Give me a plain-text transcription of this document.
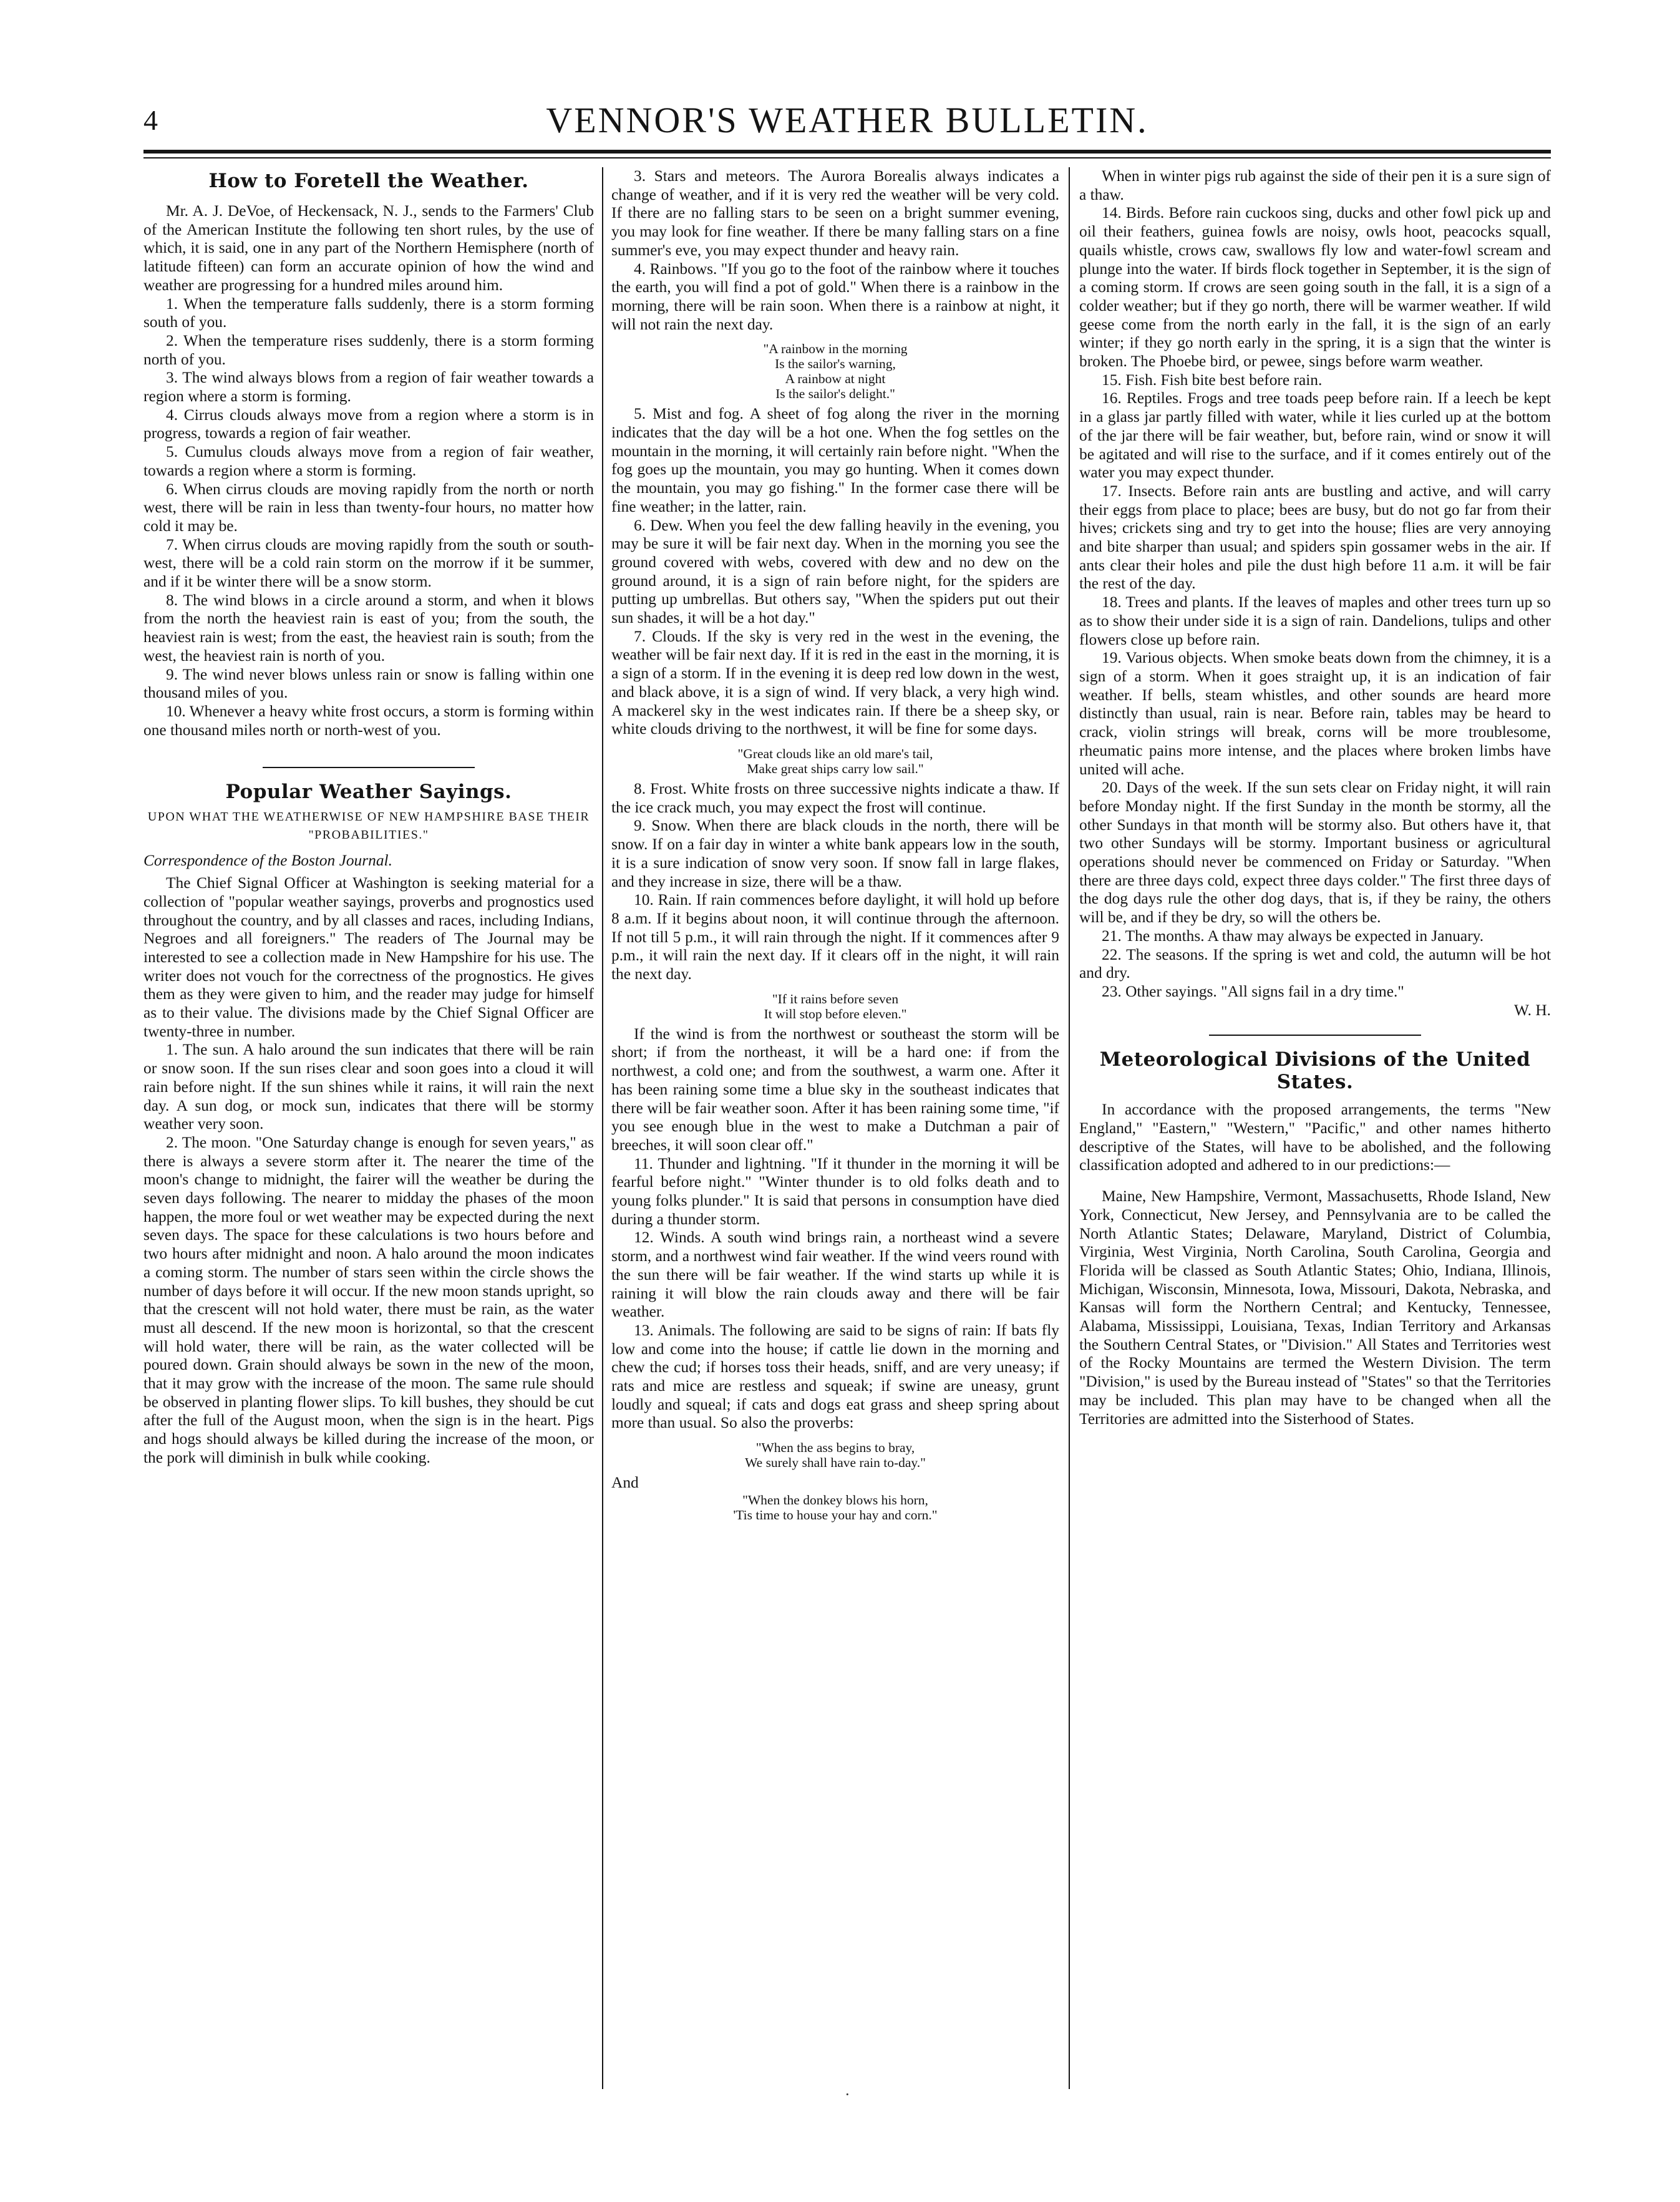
4	VENNOR'S WEATHER BULLETIN.
How to Foretell the Weather.

Mr. A. J. DeVoe, of Heckensack, N. J., sends to the Farmers' Club of the American Institute the following ten short rules, by the use of which, it is said, one in any part of the Northern Hemisphere (north of latitude fifteen) can form an accurate opinion of how the wind and weather are progressing for a hundred miles around him.

1. When the temperature falls suddenly, there is a storm forming south of you.

2. When the temperature rises suddenly, there is a storm forming north of you.

3. The wind always blows from a region of fair weather towards a region where a storm is forming.

4. Cirrus clouds always move from a region where a storm is in progress, towards a region of fair weather.

5. Cumulus clouds always move from a region of fair weather, towards a region where a storm is forming.

6. When cirrus clouds are moving rapidly from the north or north west, there will be rain in less than twenty-four hours, no matter how cold it may be.

7. When cirrus clouds are moving rapidly from the south or south-west, there will be a cold rain storm on the morrow if it be summer, and if it be winter there will be a snow storm.

8. The wind blows in a circle around a storm, and when it blows from the north the heaviest rain is east of you; from the south, the heaviest rain is west; from the east, the heaviest rain is south; from the west, the heaviest rain is north of you.

9. The wind never blows unless rain or snow is falling within one thousand miles of you.

10. Whenever a heavy white frost occurs, a storm is forming within one thousand miles north or north-west of you.

Popular Weather Sayings.
UPON WHAT THE WEATHERWISE OF NEW HAMPSHIRE BASE THEIR "PROBABILITIES."
Correspondence of the Boston Journal.

The Chief Signal Officer at Washington is seeking material for a collection of "popular weather sayings, proverbs and prognostics used throughout the country, and by all classes and races, including Indians, Negroes and all foreigners." The readers of The Journal may be interested to see a collection made in New Hampshire for his use. The writer does not vouch for the correctness of the prognostics. He gives them as they were given to him, and the reader may judge for himself as to their value. The divisions made by the Chief Signal Officer are twenty-three in number.

1. The sun. A halo around the sun indicates that there will be rain or snow soon. If the sun rises clear and soon goes into a cloud it will rain before night. If the sun shines while it rains, it will rain the next day. A sun dog, or mock sun, indicates that there will be stormy weather very soon.

2. The moon. "One Saturday change is enough for seven years," as there is always a severe storm after it. The nearer the time of the moon's change to midnight, the fairer will the weather be during the seven days following. The nearer to midday the phases of the moon happen, the more foul or wet weather may be expected during the next seven days. The space for these calculations is two hours before and two hours after midnight and noon. A halo around the moon indicates a coming storm. The number of stars seen within the circle shows the number of days before it will occur. If the new moon stands upright, so that the crescent will not hold water, there must be rain, as the water must all descend. If the new moon is horizontal, so that the crescent will hold water, there will be rain, as the water collected will be poured down. Grain should always be sown in the new of the moon, that it may grow with the increase of the moon. The same rule should be observed in planting flower slips. To kill bushes, they should be cut after the full of the August moon, when the sign is in the heart. Pigs and hogs should always be killed during the increase of the moon, or the pork will diminish in bulk while cooking.

3. Stars and meteors. The Aurora Borealis always indicates a change of weather, and if it is very red the weather will be very cold. If there are no falling stars to be seen on a bright summer evening, you may look for fine weather. If there be many falling stars on a fine summer's eve, you may expect thunder and heavy rain.

4. Rainbows. "If you go to the foot of the rainbow where it touches the earth, you will find a pot of gold." When there is a rainbow in the morning, there will be rain soon. When there is a rainbow at night, it will not rain the next day.

"A rainbow in the morning
Is the sailor's warning,
A rainbow at night
Is the sailor's delight."

5. Mist and fog. A sheet of fog along the river in the morning indicates that the day will be a hot one. When the fog settles on the mountain in the morning, it will certainly rain before night. "When the fog goes up the mountain, you may go hunting. When it comes down the mountain, you may go fishing." In the former case there will be fine weather; in the latter, rain.

6. Dew. When you feel the dew falling heavily in the evening, you may be sure it will be fair next day. When in the morning you see the ground covered with webs, covered with dew and no dew on the ground around, it is a sign of rain before night, for the spiders are putting up umbrellas. But others say, "When the spiders put out their sun shades, it will be a hot day."

7. Clouds. If the sky is very red in the west in the evening, the weather will be fair next day. If it is red in the east in the morning, it is a sign of a storm. If in the evening it is deep red low down in the west, and black above, it is a sign of wind. If very black, a very high wind. A mackerel sky in the west indicates rain. If there be a sheep sky, or white clouds driving to the northwest, it will be fine for some days.

"Great clouds like an old mare's tail,
Make great ships carry low sail."

8. Frost. White frosts on three successive nights indicate a thaw. If the ice crack much, you may expect the frost will continue.

9. Snow. When there are black clouds in the north, there will be snow. If on a fair day in winter a white bank appears low in the south, it is a sure indication of snow very soon. If snow fall in large flakes, and they increase in size, there will be a thaw.

10. Rain. If rain commences before daylight, it will hold up before 8 a.m. If it begins about noon, it will continue through the afternoon. If not till 5 p.m., it will rain through the night. If it commences after 9 p.m., it will rain the next day. If it clears off in the night, it will rain the next day.

"If it rains before seven
It will stop before eleven."

If the wind is from the northwest or southeast the storm will be short; if from the northeast, it will be a hard one: if from the northwest, a cold one; and from the southwest, a warm one. After it has been raining some time a blue sky in the southeast indicates that there will be fair weather soon. After it has been raining some time, "if you see enough blue in the west to make a Dutchman a pair of breeches, it will soon clear off."

11. Thunder and lightning. "If it thunder in the morning it will be fearful before night." "Winter thunder is to old folks death and to young folks plunder." It is said that persons in consumption have died during a thunder storm.

12. Winds. A south wind brings rain, a northeast wind a severe storm, and a northwest wind fair weather. If the wind veers round with the sun there will be fair weather. If the wind starts up while it is raining it will blow the rain clouds away and there will be fair weather.

13. Animals. The following are said to be signs of rain: If bats fly low and come into the house; if cattle lie down in the morning and chew the cud; if horses toss their heads, sniff, and are very uneasy; if rats and mice are restless and squeak; if swine are uneasy, grunt loudly and squeal; if cats and dogs eat grass and sheep spring about more than usual. So also the proverbs:

"When the ass begins to bray,
We surely shall have rain to-day."
And
"When the donkey blows his horn,
'Tis time to house your hay and corn."

When in winter pigs rub against the side of their pen it is a sure sign of a thaw.

14. Birds. Before rain cuckoos sing, ducks and other fowl pick up and oil their feathers, guinea fowls are noisy, owls hoot, peacocks squall, quails whistle, crows caw, swallows fly low and water-fowl scream and plunge into the water. If birds flock together in September, it is the sign of a coming storm. If crows are seen going south in the fall, it is a sign of a colder weather; but if they go north, there will be warmer weather. If wild geese come from the north early in the fall, it is the sign of an early winter; if they go north early in the spring, it is a sign that the winter is broken. The Phoebe bird, or pewee, sings before warm weather.

15. Fish. Fish bite best before rain.

16. Reptiles. Frogs and tree toads peep before rain. If a leech be kept in a glass jar partly filled with water, while it lies curled up at the bottom of the jar there will be fair weather, but, before rain, wind or snow it will be agitated and will rise to the surface, and if it comes entirely out of the water you may expect thunder.

17. Insects. Before rain ants are bustling and active, and will carry their eggs from place to place; bees are busy, but do not go far from their hives; crickets sing and try to get into the house; flies are very annoying and bite sharper than usual; and spiders spin gossamer webs in the air. If ants clear their holes and pile the dust high before 11 a.m. it will be fair the rest of the day.

18. Trees and plants. If the leaves of maples and other trees turn up so as to show their under side it is a sign of rain. Dandelions, tulips and other flowers close up before rain.

19. Various objects. When smoke beats down from the chimney, it is a sign of a storm. When it goes straight up, it is an indication of fair weather. If bells, steam whistles, and other sounds are heard more distinctly than usual, rain is near. Before rain, tables may be heard to crack, violin strings will break, corns will be more troublesome, rheumatic pains more intense, and the places where broken limbs have united will ache.

20. Days of the week. If the sun sets clear on Friday night, it will rain before Monday night. If the first Sunday in the month be stormy, all the other Sundays in that month will be stormy also. But others have it, that two other Sundays will be stormy. Important business or agricultural operations should never be commenced on Friday or Saturday. "When there are three days cold, expect three days colder." The first three days of the dog days rule the other dog days, that is, if they be rainy, the others will be, and if they be dry, so will the others be.

21. The months. A thaw may always be expected in January.

22. The seasons. If the spring is wet and cold, the autumn will be hot and dry.

23. Other sayings. "All signs fail in a dry time."

W. H.
Meteorological Divisions of the United States.

In accordance with the proposed arrangements, the terms "New England," "Eastern," "Western," "Pacific," and other names hitherto descriptive of the States, will have to be abolished, and the following classification adopted and adhered to in our predictions:—

Maine, New Hampshire, Vermont, Massachusetts, Rhode Island, New York, Connecticut, New Jersey, and Pennsylvania are to be called the North Atlantic States; Delaware, Maryland, District of Columbia, Virginia, West Virginia, North Carolina, South Carolina, Georgia and Florida will be classed as South Atlantic States; Ohio, Indiana, Illinois, Michigan, Wisconsin, Minnesota, Iowa, Missouri, Dakota, Nebraska, and Kansas will form the Northern Central; and Kentucky, Tennessee, Alabama, Mississippi, Louisiana, Texas, Indian Territory and Arkansas the Southern Central States, or "Division." All States and Territories west of the Rocky Mountains are termed the Western Division. The term "Division," is used by the Bureau instead of "States" so that the Territories may be included. This plan may have to be changed when all the Territories are admitted into the Sisterhood of States.

·
